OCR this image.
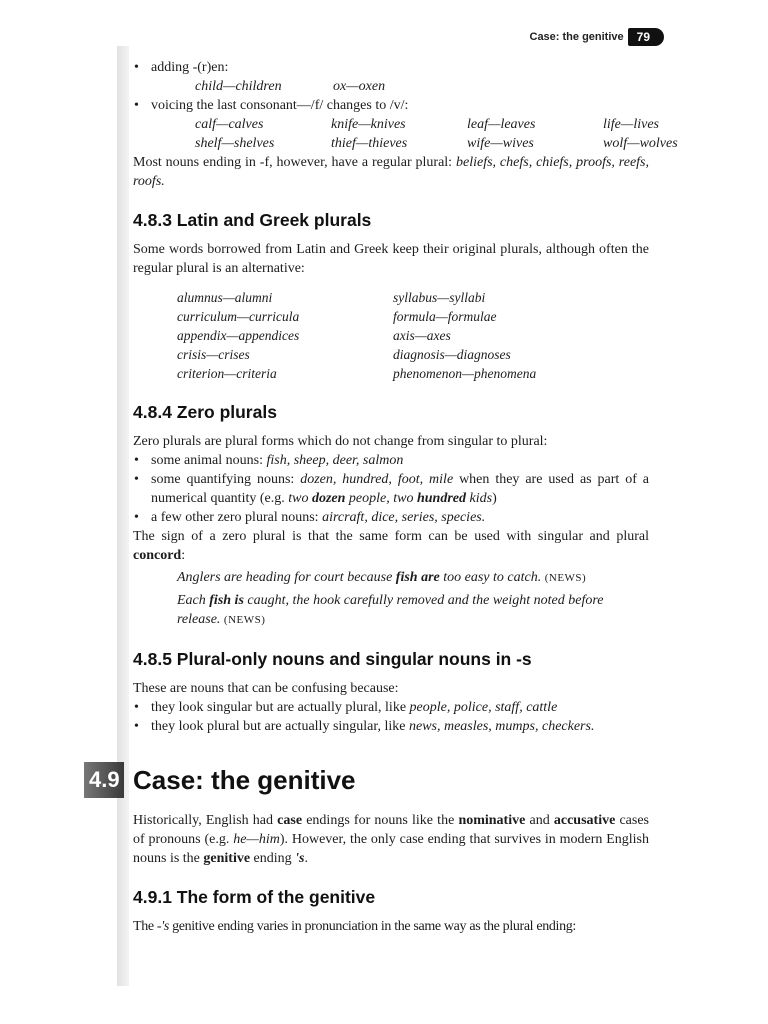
Case: the genitive	79
• adding -(r)en:
child—children	ox—oxen
• voicing the last consonant—/f/ changes to /v/:
calf—calves	knife—knives	leaf—leaves	life—lives
shelf—shelves	thief—thieves	wife—wives	wolf—wolves

Most nouns ending in -f, however, have a regular plural: beliefs, chefs, chiefs, proofs, reefs, roofs.

4.8.3 Latin and Greek plurals

Some words borrowed from Latin and Greek keep their original plurals, although often the regular plural is an alternative:

alumnus—alumni	syllabus—syllabi
curriculum—curricula	formula—formulae
appendix—appendices	axis—axes
crisis—crises	diagnosis—diagnoses
criterion—criteria	phenomenon—phenomena
4.8.4 Zero plurals

Zero plurals are plural forms which do not change from singular to plural:

• some animal nouns: fish, sheep, deer, salmon
• some quantifying nouns: dozen, hundred, foot, mile when they are used as part of a numerical quantity (e.g. two dozen people, two hundred kids)
• a few other zero plural nouns: aircraft, dice, series, species.

The sign of a zero plural is that the same form can be used with singular and plural concord:

Anglers are heading for court because fish are too easy to catch. (NEWS)

Each fish is caught, the hook carefully removed and the weight noted before release. (NEWS)

4.8.5 Plural-only nouns and singular nouns in -s

These are nouns that can be confusing because:

• they look singular but are actually plural, like people, police, staff, cattle
• they look plural but are actually singular, like news, measles, mumps, checkers.
4.9 Case: the genitive

Historically, English had case endings for nouns like the nominative and accusative cases of pronouns (e.g. he—him). However, the only case ending that survives in modern English nouns is the genitive ending 's.

4.9.1 The form of the genitive

The -'s genitive ending varies in pronunciation in the same way as the plural ending:
